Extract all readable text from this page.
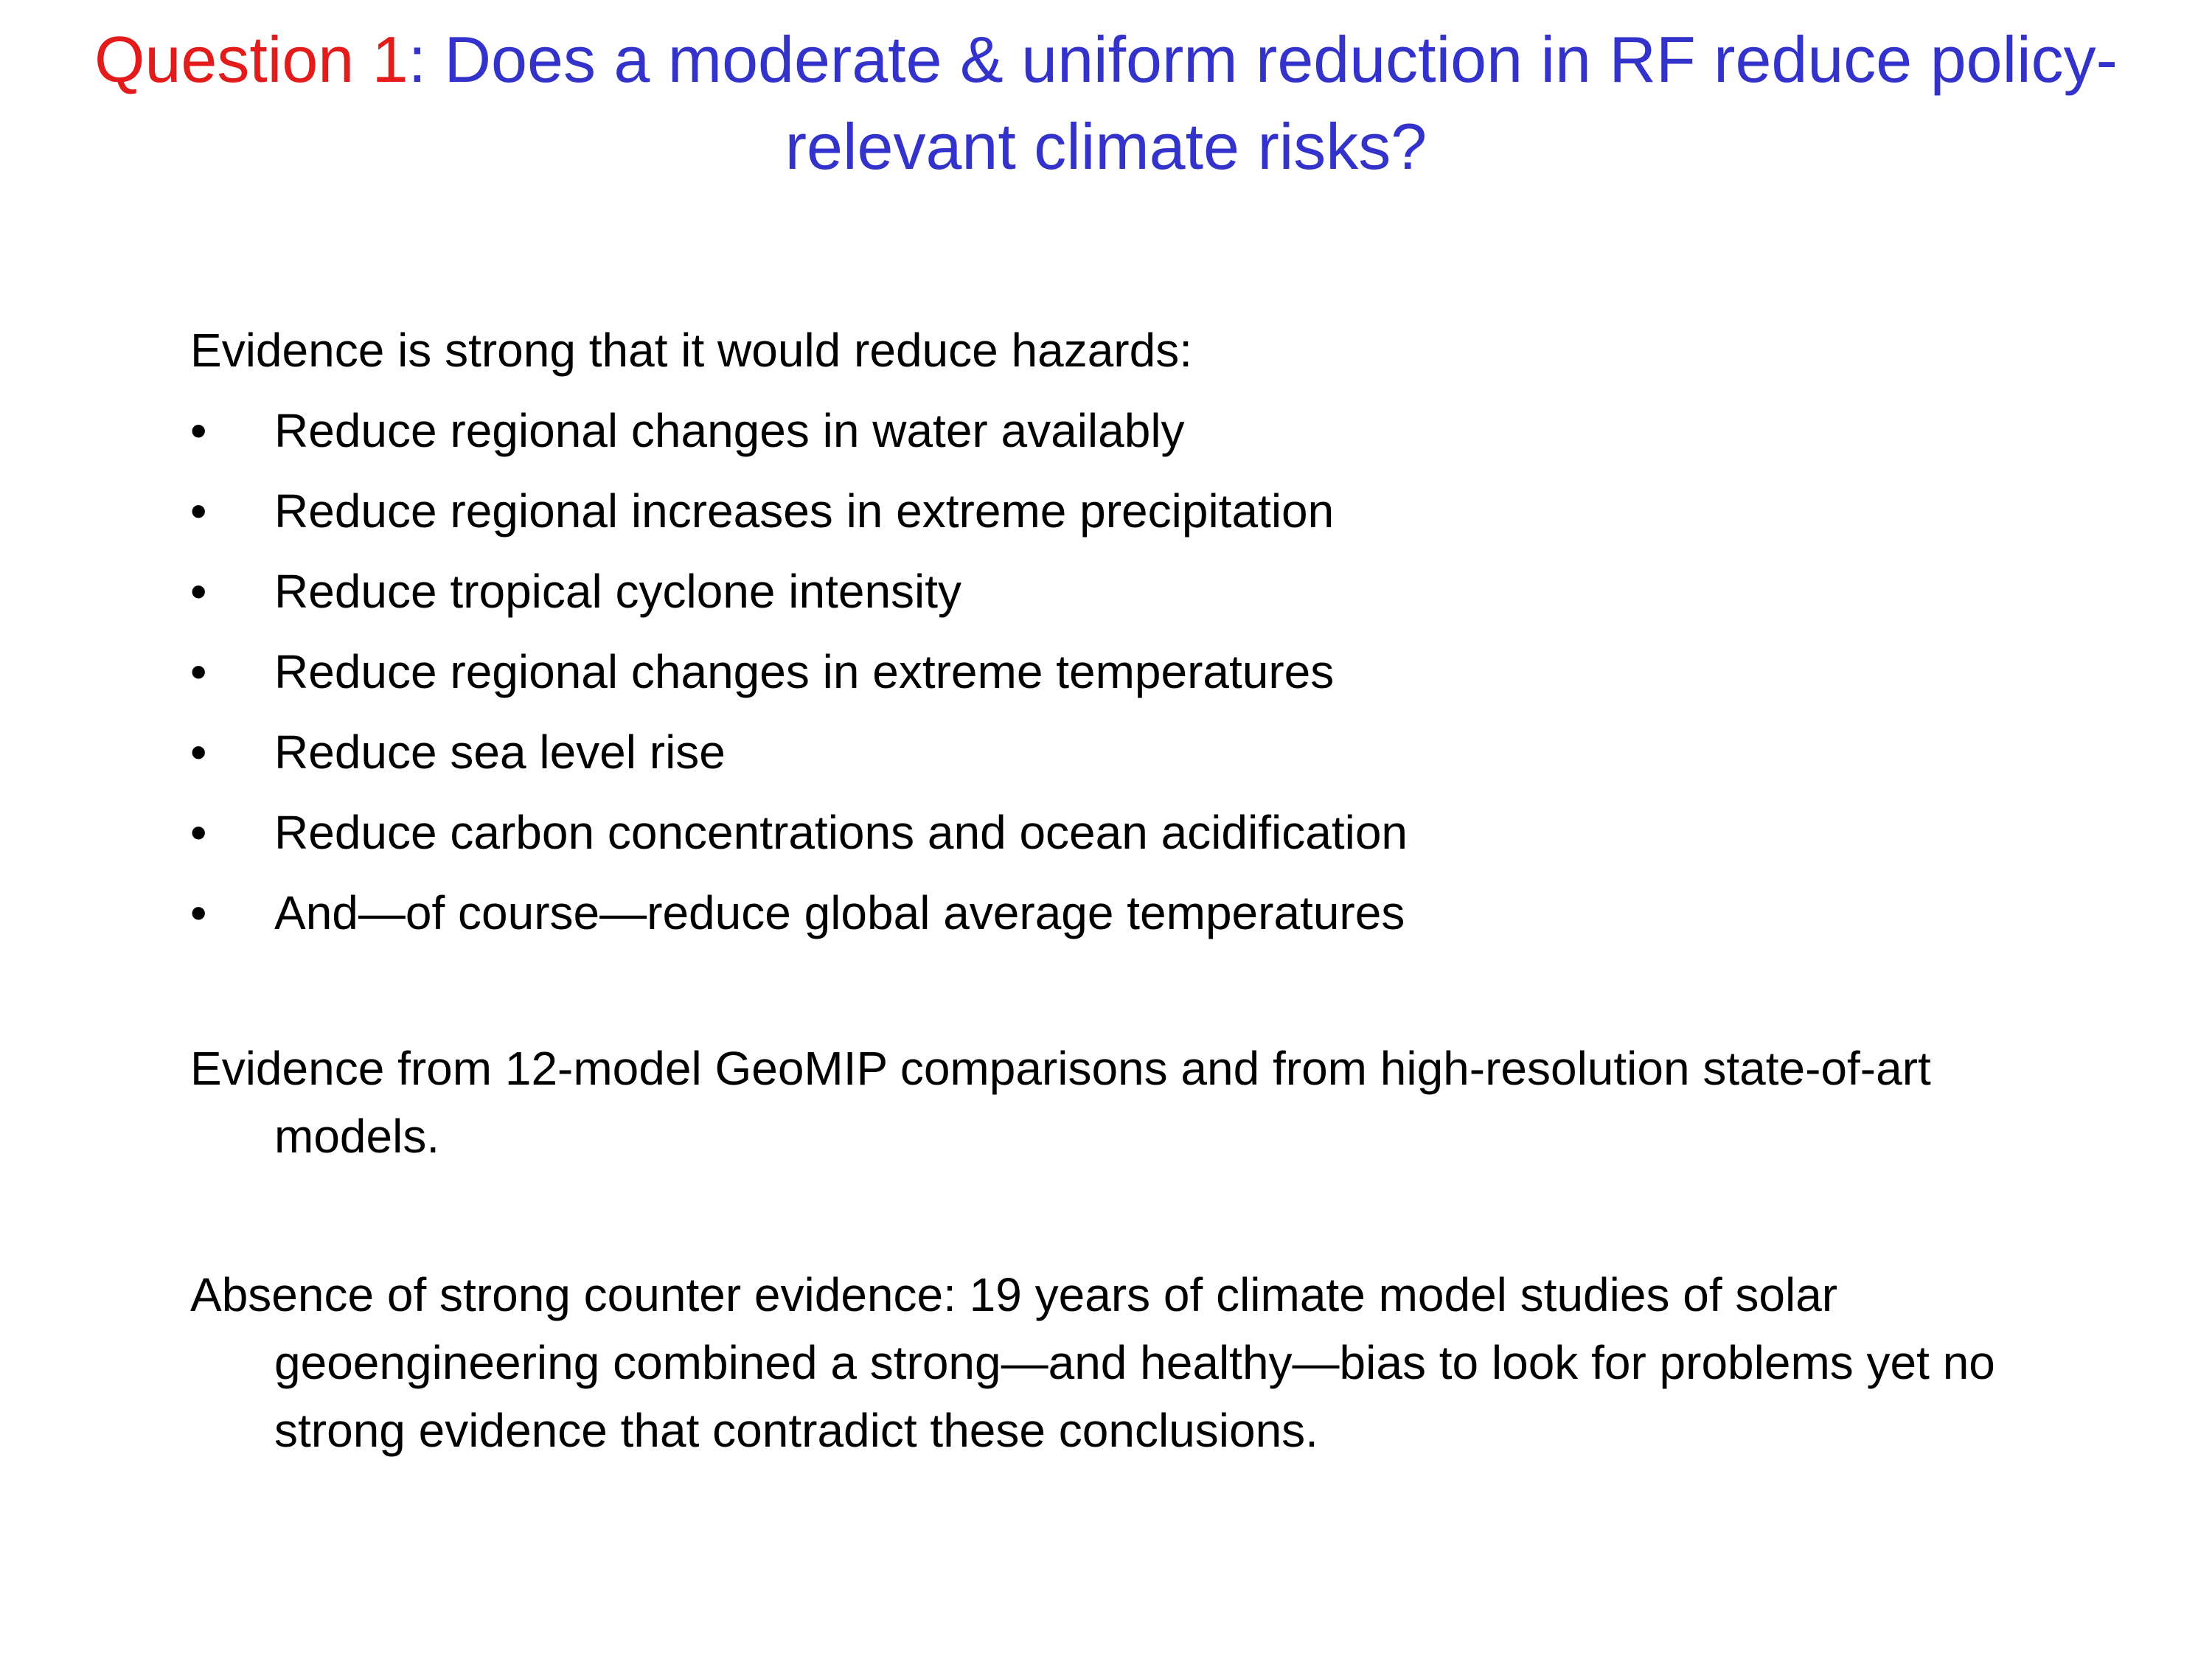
Question 1: Does a moderate & uniform reduction in RF reduce policy-relevant climate risks?

Evidence is strong that it would reduce hazards:

• Reduce regional changes in water availably
• Reduce regional increases in extreme precipitation
• Reduce tropical cyclone intensity
• Reduce regional changes in extreme temperatures
• Reduce sea level rise
• Reduce carbon concentrations and ocean acidification
• And—of course—reduce global average temperatures

Evidence from 12-model GeoMIP comparisons and from high-resolution state-of-art models.

Absence of strong counter evidence: 19 years of climate model studies of solar geoengineering combined a strong—and healthy—bias to look for problems yet no strong evidence that contradict these conclusions.
